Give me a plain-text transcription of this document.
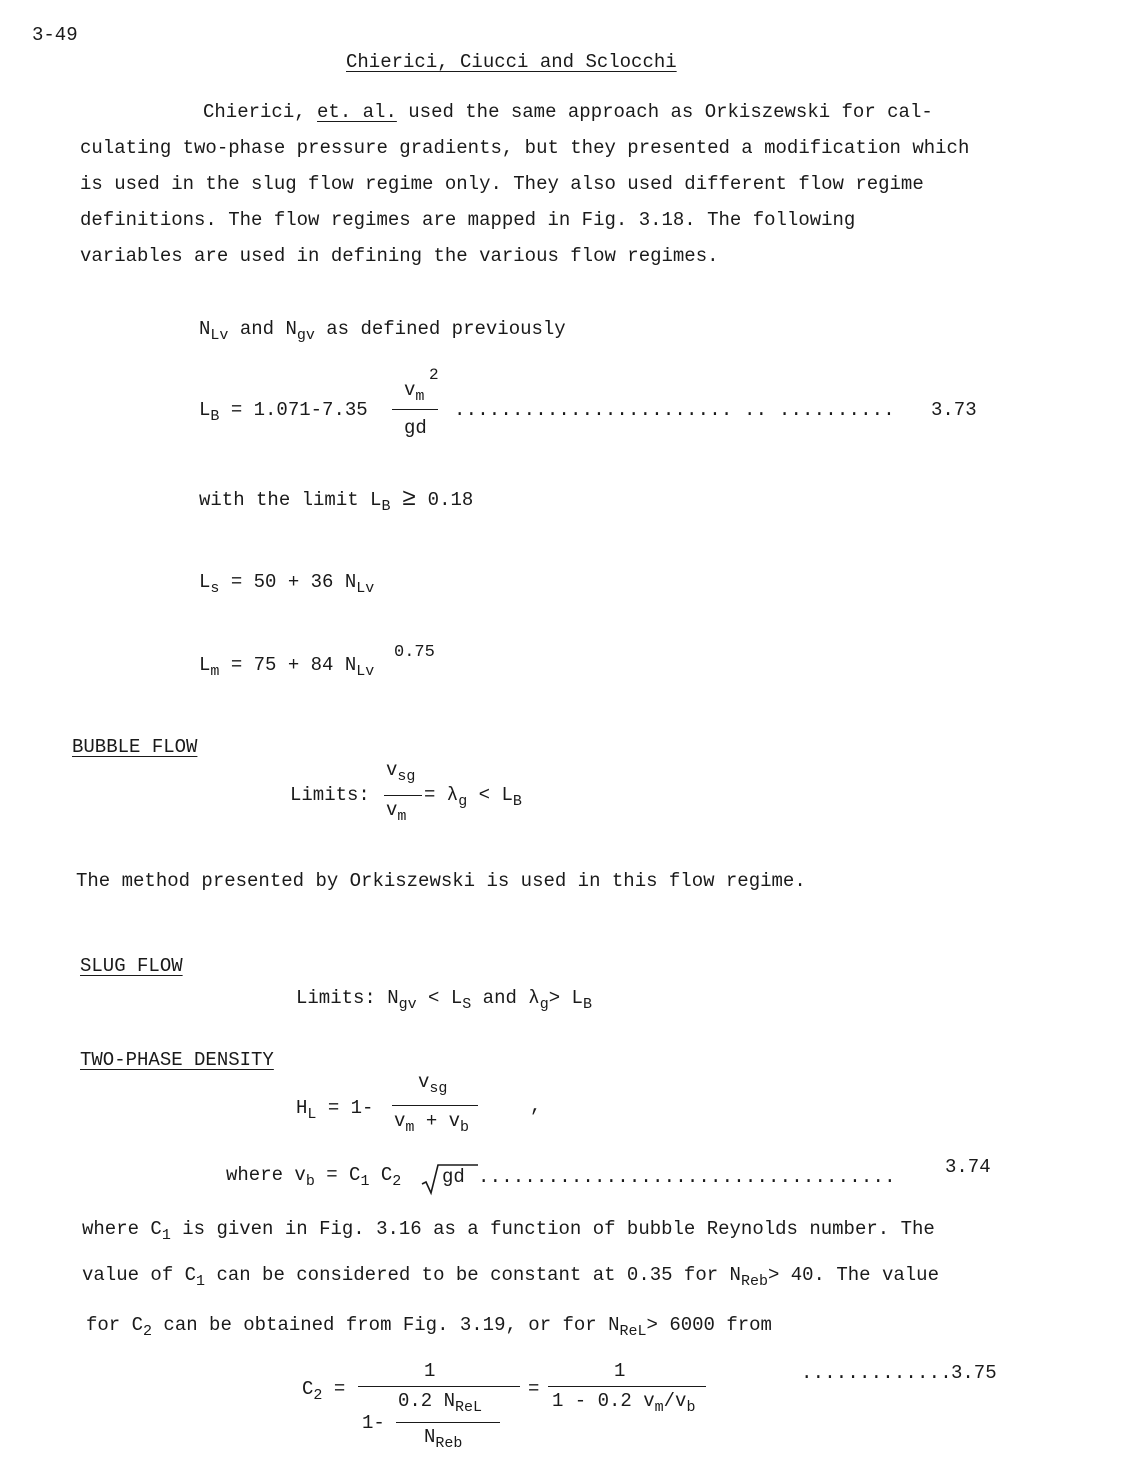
3-49
Chierici, Ciucci and Sclocchi
Chierici, et. al. used the same approach as Orkiszewski for cal-
culating two-phase pressure gradients, but they presented a modification which
is used in the slug flow regime only. They also used different flow regime
definitions. The flow regimes are mapped in Fig. 3.18. The following
variables are used in defining the various flow regimes.
$N_{Lv}$ and $N_{gv}$ as defined previously
$L_B = 1.071-7.35$
2
$v_m$
gd
........................ .. .......... 3.73
with the limit $L_B \ge 0.18$
$L_s = 50 + 36$ $N_{Lv}$
$L_m = 75 + 84$ $N_{Lv}$
0.75
BUBBLE FLOW
Limits:
$v_{sg}$
$v_m$
= $\lambda_g < L_B$
The method presented by Orkiszewski is used in this flow regime.
SLUG FLOW
Limits: $N_{gv} < L_S$ and $\lambda_g> L_B$
TWO-PHASE DENSITY
$H_L = 1-$
$v_{sg}$
$v_m + v_b$
,
where $v_b = C_1$ $C_2$ gd ....................................	3.74
where $C_1$ is given in Fig. 3.16 as a function of bubble Reynolds number. The
value of $C_1$ can be considered to be constant at 0.35 for $N_{Reb}> 40$. The value
for $C_2$ can be obtained from Fig. 3.19, or for $N_{ReL}> 6000$ from
$C_2$ =
1
1-
0.2 $N_{ReL}$
$N_{Reb}$
=
1
1 - 0.2 $v_m/v_b$
............. 3.75
